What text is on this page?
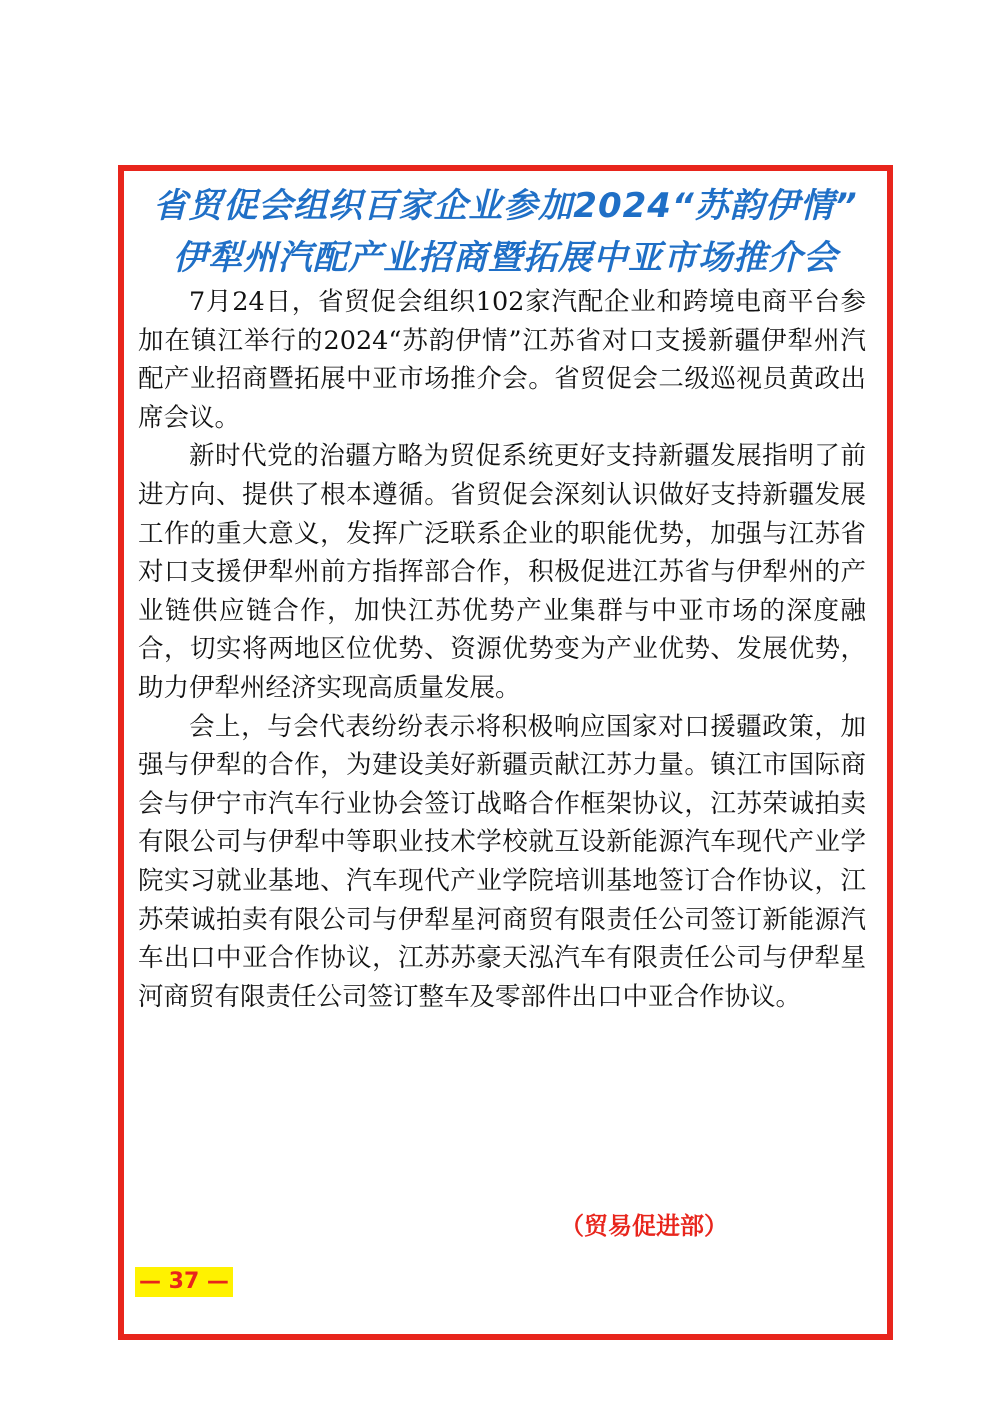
省贸促会组织百家企业参加2024“苏韵伊情”
伊犁州汽配产业招商暨拓展中亚市场推介会

7月24日，省贸促会组织102家汽配企业和跨境电商平台参加在镇江举行的2024“苏韵伊情”江苏省对口支援新疆伊犁州汽配产业招商暨拓展中亚市场推介会。省贸促会二级巡视员黄政出席会议。

新时代党的治疆方略为贸促系统更好支持新疆发展指明了前进方向、提供了根本遵循。省贸促会深刻认识做好支持新疆发展工作的重大意义，发挥广泛联系企业的职能优势，加强与江苏省对口支援伊犁州前方指挥部合作，积极促进江苏省与伊犁州的产业链供应链合作，加快江苏优势产业集群与中亚市场的深度融合，切实将两地区位优势、资源优势变为产业优势、发展优势，助力伊犁州经济实现高质量发展。

会上，与会代表纷纷表示将积极响应国家对口援疆政策，加强与伊犁的合作，为建设美好新疆贡献江苏力量。镇江市国际商会与伊宁市汽车行业协会签订战略合作框架协议，江苏荣诚拍卖有限公司与伊犁中等职业技术学校就互设新能源汽车现代产业学院实习就业基地、汽车现代产业学院培训基地签订合作协议，江苏荣诚拍卖有限公司与伊犁星河商贸有限责任公司签订新能源汽车出口中亚合作协议，江苏苏豪天泓汽车有限责任公司与伊犁星河商贸有限责任公司签订整车及零部件出口中亚合作协议。

（贸易促进部）
— 37 —
